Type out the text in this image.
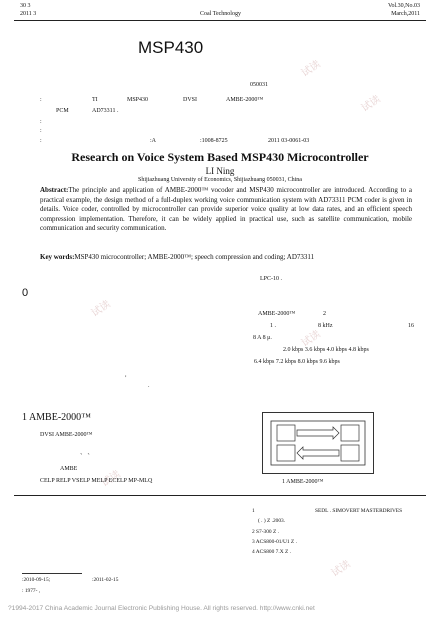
试读
试读
试读
试读
试读
试读
30 3
2011 3	Coal Technology
Vol.30,No.03
March,2011
MSP430
050031
:	TI	MSP430	DVSI	AMBE-2000™
PCM	AD73311 .
:
:
:	:A	:1008-8725	2011 03-0061-03
Research on Voice System Based MSP430 Microcontroller
LI Ning
Shijiazhuang University of Economics, Shijiazhuang 050031, China
Abstract:The principle and application of AMBE-2000™ vocoder and MSP430 microcontroller are introduced. According to a practical example, the design method of a full-duplex working voice communication system with AD73311 PCM coder is given in details. Voice coder, controlled by microcontroller can provide superior voice quality at low data rates, and an efficient speech compression implementation. Therefore, it can be widely applied in practical use, such as satellite communication, mobile communication and security communication.
Key words:MSP430 microcontroller; AMBE-2000™; speech compression and coding; AD73311
LPC-10 .
0
AMBE-2000™	2
1 .	8 kHz	16
8 A 8 μ.
2.0 kbps 3.6 kbps 4.0 kbps 4.8 kbps
6.4 kbps 7.2 kbps 8.0 kbps 9.6 kbps
,
.
1 AMBE-2000™
DVSI AMBE-2000™
、 、
AMBE
CELP RELP VSELP MELP ECELP MP-MLQ	1 AMBE-2000™
1	SEDL . SIMOVERT MASTERDRIVES
( . ) Z .2003.
2 S7-300 Z .
3 ACS800-01/U1 Z .
4 ACS800 7.X Z .
:2010-09-15;	:2011-02-15
: 1977- ,
?1994-2017 China Academic Journal Electronic Publishing House. All rights reserved. http://www.cnki.net
